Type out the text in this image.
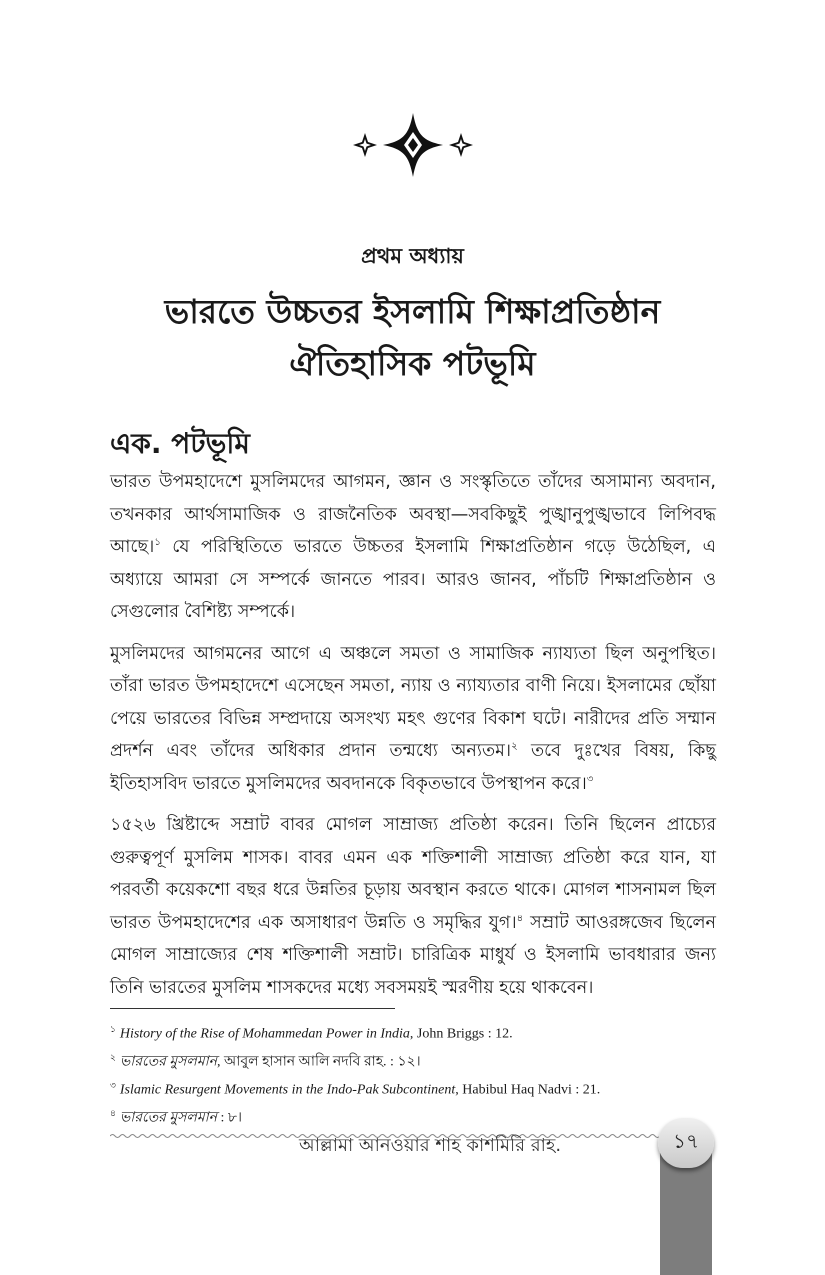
প্রথম অধ্যায়
ভারতে উচ্চতর ইসলামি শিক্ষাপ্রতিষ্ঠান
ঐতিহাসিক পটভূমি
এক. পটভূমি

ভারত উপমহাদেশে মুসলিমদের আগমন, জ্ঞান ও সংস্কৃতিতে তাঁদের অসামান্য অবদান, তখনকার আর্থসামাজিক ও রাজনৈতিক অবস্থা—সবকিছুই পুঙ্খানুপুঙ্খভাবে লিপিবদ্ধ আছে।$^১$ যে পরিস্থিতিতে ভারতে উচ্চতর ইসলামি শিক্ষাপ্রতিষ্ঠান গড়ে উঠেছিল, এ অধ্যায়ে আমরা সে সম্পর্কে জানতে পারব। আরও জানব, পাঁচটি শিক্ষাপ্রতিষ্ঠান ও সেগুলোর বৈশিষ্ট্য সম্পর্কে।

মুসলিমদের আগমনের আগে এ অঞ্চলে সমতা ও সামাজিক ন্যায্যতা ছিল অনুপস্থিত। তাঁরা ভারত উপমহাদেশে এসেছেন সমতা, ন্যায় ও ন্যায্যতার বাণী নিয়ে। ইসলামের ছোঁয়া পেয়ে ভারতের বিভিন্ন সম্প্রদায়ে অসংখ্য মহৎ গুণের বিকাশ ঘটে। নারীদের প্রতি সম্মান প্রদর্শন এবং তাঁদের অধিকার প্রদান তন্মধ্যে অন্যতম।$^২$ তবে দুঃখের বিষয়, কিছু ইতিহাসবিদ ভারতে মুসলিমদের অবদানকে বিকৃতভাবে উপস্থাপন করে।$^৩$

১৫২৬ খ্রিষ্টাব্দে সম্রাট বাবর মোগল সাম্রাজ্য প্রতিষ্ঠা করেন। তিনি ছিলেন প্রাচ্যের গুরুত্বপূর্ণ মুসলিম শাসক। বাবর এমন এক শক্তিশালী সাম্রাজ্য প্রতিষ্ঠা করে যান, যা পরবর্তী কয়েকশো বছর ধরে উন্নতির চূড়ায় অবস্থান করতে থাকে। মোগল শাসনামল ছিল ভারত উপমহাদেশের এক অসাধারণ উন্নতি ও সমৃদ্ধির যুগ।$^৪$ সম্রাট আওরঙ্গজেব ছিলেন মোগল সাম্রাজ্যের শেষ শক্তিশালী সম্রাট। চারিত্রিক মাধুর্য ও ইসলামি ভাবধারার জন্য তিনি ভারতের মুসলিম শাসকদের মধ্যে সবসময়ই স্মরণীয় হয়ে থাকবেন।

$^১$ History of the Rise of Mohammedan Power in India, John Briggs : 12.
$^২$ ভারতের মুসলমান, আবুল হাসান আলি নদবি রাহ. : ১২।
$^৩$ Islamic Resurgent Movements in the Indo-Pak Subcontinent, Habibul Haq Nadvi : 21.
$^৪$ ভারতের মুসলমান : ৮।
আল্লামা আনওয়ার শাহ কাশমিরি রাহ.	১৭
